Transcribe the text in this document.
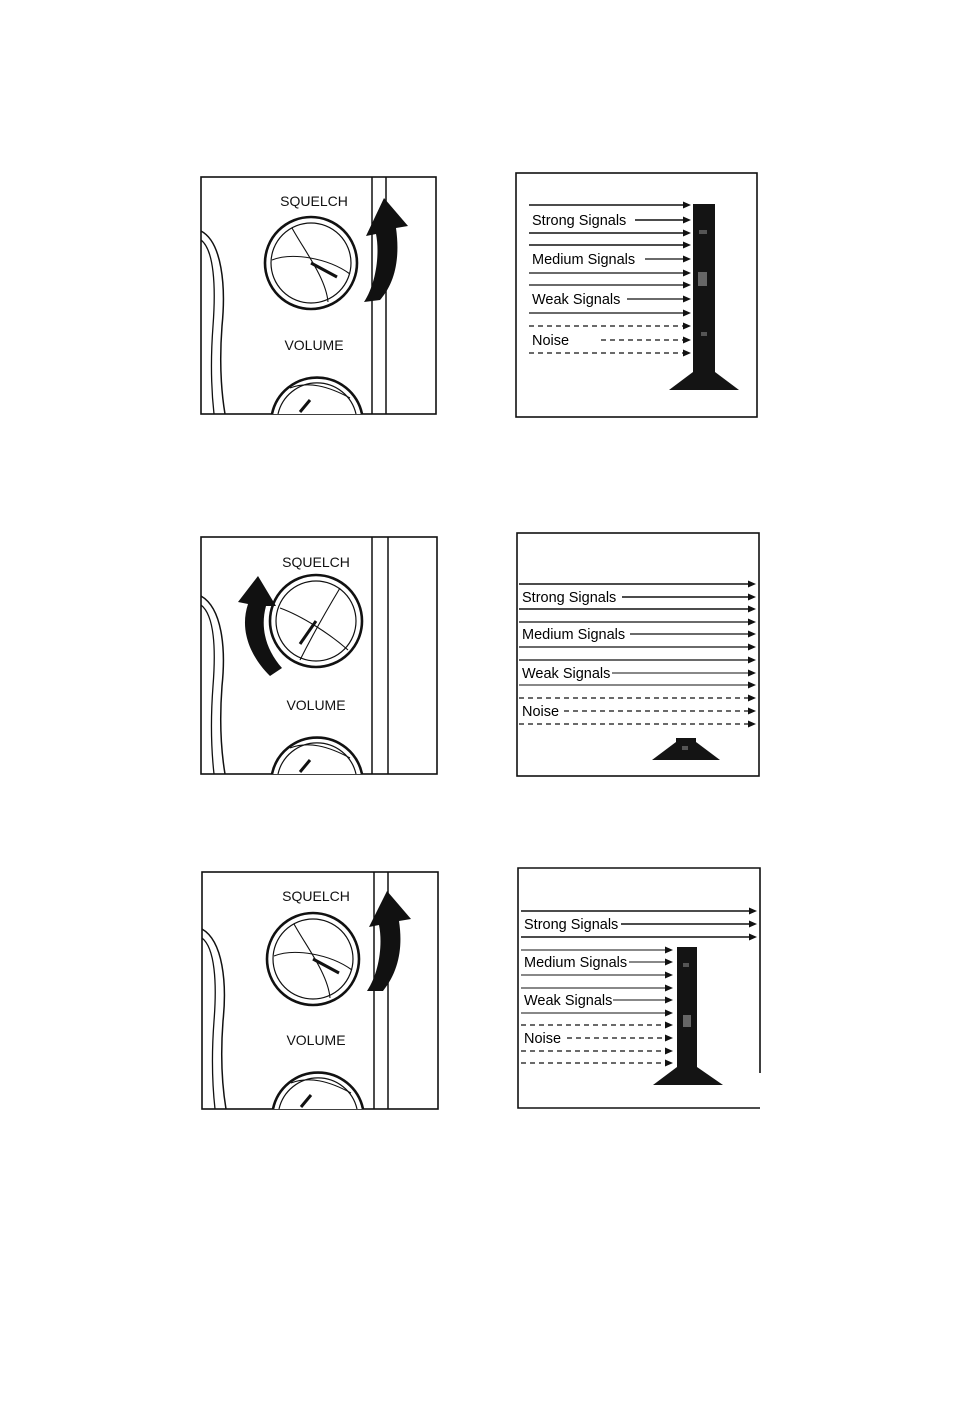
SQUELCH
VOLUME
Strong Signals
Medium Signals
Weak Signals
Noise
SQUELCH
VOLUME
Strong Signals
Medium Signals
Weak Signals
Noise
SQUELCH
VOLUME
Strong Signals
Medium Signals
Weak Signals
Noise
